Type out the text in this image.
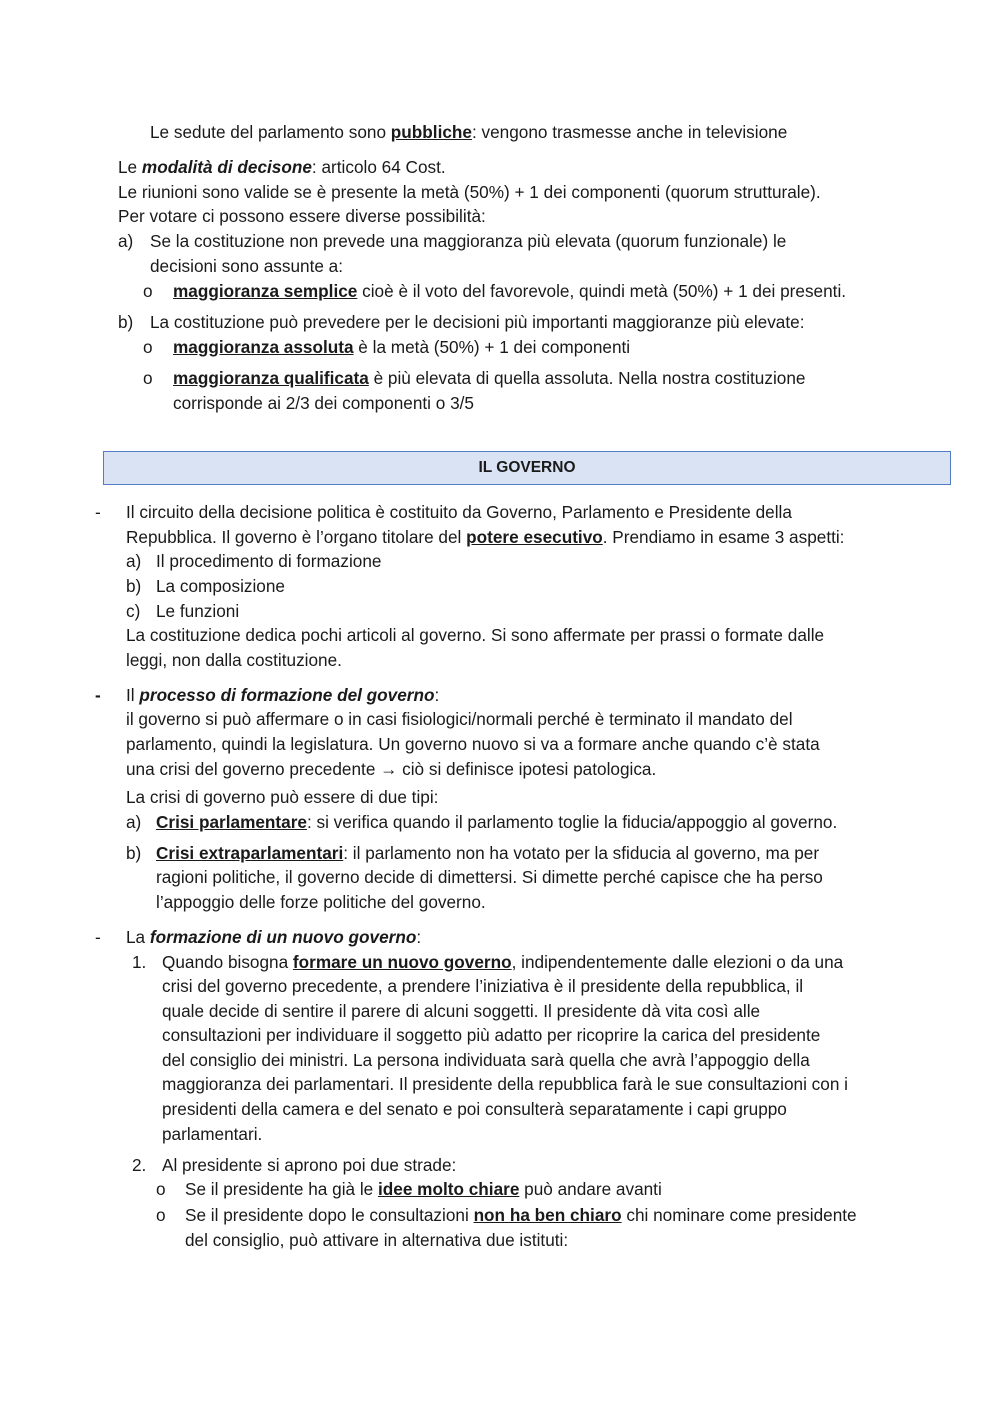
Le sedute del parlamento sono pubbliche: vengono trasmesse anche in televisione
Le modalità di decisone: articolo 64 Cost.
Le riunioni sono valide se è presente la metà (50%) + 1 dei componenti (quorum strutturale).
Per votare ci possono essere diverse possibilità:
a) Se la costituzione non prevede una maggioranza più elevata (quorum funzionale) le
decisioni sono assunte a:
o maggioranza semplice cioè è il voto del favorevole, quindi metà (50%) + 1 dei presenti.
b) La costituzione può prevedere per le decisioni più importanti maggioranze più elevate:
o maggioranza assoluta è la metà (50%) + 1 dei componenti
o maggioranza qualificata è più elevata di quella assoluta. Nella nostra costituzione
corrisponde ai 2/3 dei componenti o 3/5
IL GOVERNO
- Il circuito della decisione politica è costituito da Governo, Parlamento e Presidente della
Repubblica. Il governo è l’organo titolare del potere esecutivo. Prendiamo in esame 3 aspetti:
a) Il procedimento di formazione
b) La composizione
c) Le funzioni
La costituzione dedica pochi articoli al governo. Si sono affermate per prassi o formate dalle
leggi, non dalla costituzione.
- Il processo di formazione del governo:
il governo si può affermare o in casi fisiologici/normali perché è terminato il mandato del
parlamento, quindi la legislatura. Un governo nuovo si va a formare anche quando c’è stata
una crisi del governo precedente → ciò si definisce ipotesi patologica.
La crisi di governo può essere di due tipi:
a) Crisi parlamentare: si verifica quando il parlamento toglie la fiducia/appoggio al governo.
b) Crisi extraparlamentari: il parlamento non ha votato per la sfiducia al governo, ma per
ragioni politiche, il governo decide di dimettersi. Si dimette perché capisce che ha perso
l’appoggio delle forze politiche del governo.
- La formazione di un nuovo governo:
1. Quando bisogna formare un nuovo governo, indipendentemente dalle elezioni o da una
crisi del governo precedente, a prendere l’iniziativa è il presidente della repubblica, il
quale decide di sentire il parere di alcuni soggetti. Il presidente dà vita così alle
consultazioni per individuare il soggetto più adatto per ricoprire la carica del presidente
del consiglio dei ministri. La persona individuata sarà quella che avrà l’appoggio della
maggioranza dei parlamentari. Il presidente della repubblica farà le sue consultazioni con i
presidenti della camera e del senato e poi consulterà separatamente i capi gruppo
parlamentari.
2. Al presidente si aprono poi due strade:
o Se il presidente ha già le idee molto chiare può andare avanti
o Se il presidente dopo le consultazioni non ha ben chiaro chi nominare come presidente
del consiglio, può attivare in alternativa due istituti:
